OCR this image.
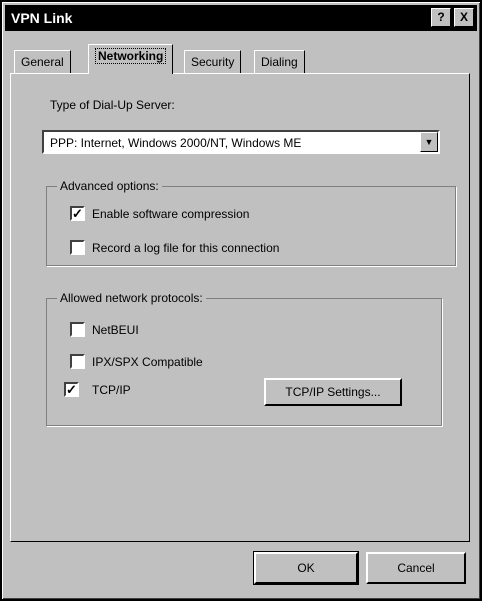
VPN Link	?	X
General	Networking	Security	Dialing
Type of Dial-Up Server:
PPP: Internet, Windows 2000/NT, Windows ME	▼
Advanced options:
✓ Enable software compression
Record a log file for this connection
Allowed network protocols:
NetBEUI
IPX/SPX Compatible
✓ TCP/IP	TCP/IP Settings...
OK	Cancel
